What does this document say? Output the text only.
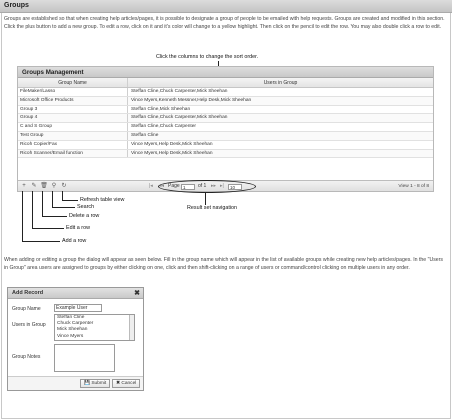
Groups

Groups are established so that when creating help articles/pages, it is possible to designate a group of people to be emailed with help requests. Groups are created and modified in this section. Click the plus button to add a new group. To edit a row, click on it and it's color will change to a yellow highlight. Then click on the pencil to edit the row. You may also double click a row to edit.

Click the columns to change the sort order.
Groups Management
Group Name	Users in Group
FileMaker/Lasso	Steffan Cline,Chuck Carpenter,Mick Sheehan
Microsoft Office Products	Vince Myers,Kenneth Messner,Help Desk,Mick Sheehan
Group 3	Steffan Cline,Mick Sheehan
Group 4	Steffan Cline,Chuck Carpenter,Mick Sheehan
C and S Group	Steffan Cline,Chuck Carpenter
Test Group	Steffan Cline
Ricoh Copier/Fax	Vince Myers,Help Desk,Mick Sheehan
Ricoh Scanner/Email function	Vince Myers,Help Desk,Mick Sheehan
+ ✎ 🗑 ⚲ ↻	|◂ ◂◂ Page 1	of 1 ▸▸ ▸|	10	View 1 - 8 of 8
Refresh table view
Search
Delete a row
Edit a row
Add a row
Result set navigation

When adding or editing a group the dialog will appear as seen below. Fill in the group name which will appear in the list of available groups while creating new help articles/pages. In the "Users in Group" area users are assigned to groups by either clicking on one, click and then shift-clicking on a range of users or command/control clicking on multiple users in any order.

Add Record	✖
Group Name	Example User
Users in Group
Steffan Cline
Chuck Carpenter
Mick Sheehan
Vince Myers
Group Notes
💾 Submit	✖ Cancel
